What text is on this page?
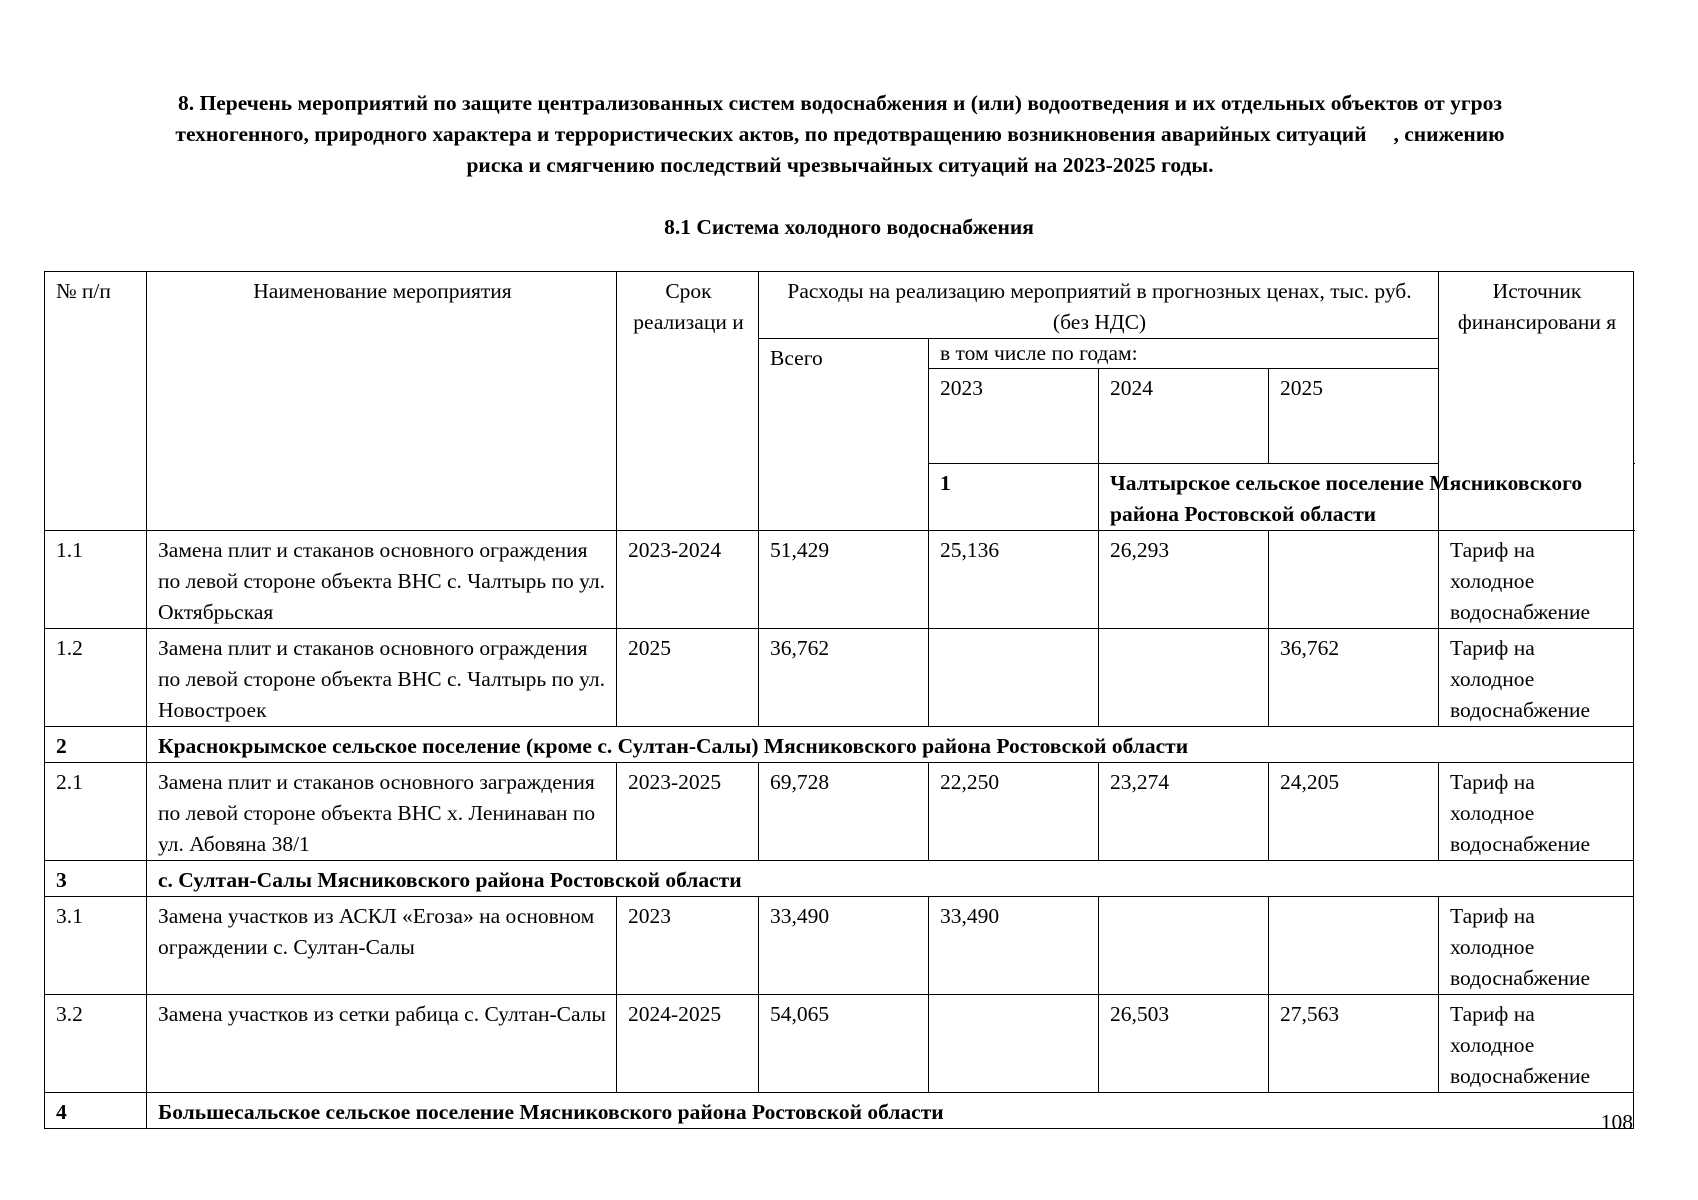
8. Перечень мероприятий по защите централизованных систем водоснабжения и (или) водоотведения и их отдельных объектов от угроз
техногенного, природного характера и террористических актов, по предотвращению возникновения аварийных ситуаций     , снижению
риска и смягчению последствий чрезвычайных ситуаций на 2023-2025 годы.
8.1 Система холодного водоснабжения
№ п/п	Наименование мероприятия	Срок реализаци и	Расходы на реализацию мероприятий в прогнозных ценах, тыс. руб. (без НДС)				Источник финансировани я
			Всего	в том числе по годам:			
				2023	2024	2025	
				1	Чалтырское сельское поселение Мясниковского района Ростовской области		
1.1	Замена плит и стаканов основного ограждения по левой стороне объекта ВНС с. Чалтырь по ул. Октябрьская	2023-2024	51,429	25,136	26,293		Тариф на холодное водоснабжение
1.2	Замена плит и стаканов основного ограждения по левой стороне объекта ВНС с. Чалтырь по ул. Новостроек	2025	36,762			36,762	Тариф на холодное водоснабжение
2	Краснокрымское сельское поселение (кроме с. Султан-Салы) Мясниковского района Ростовской области						
2.1	Замена плит и стаканов основного заграждения по левой стороне объекта ВНС х. Ленинаван по ул. Абовяна 38/1	2023-2025	69,728	22,250	23,274	24,205	Тариф на холодное водоснабжение
3	с. Султан-Салы Мясниковского района Ростовской области						
3.1	Замена участков из АСКЛ «Егоза» на основном ограждении с. Султан-Салы	2023	33,490	33,490			Тариф на холодное водоснабжение
3.2	Замена участков из сетки рабица с. Султан-Салы	2024-2025	54,065		26,503	27,563	Тариф на холодное водоснабжение
4	Большесальское сельское поселение Мясниковского района Ростовской области							108
